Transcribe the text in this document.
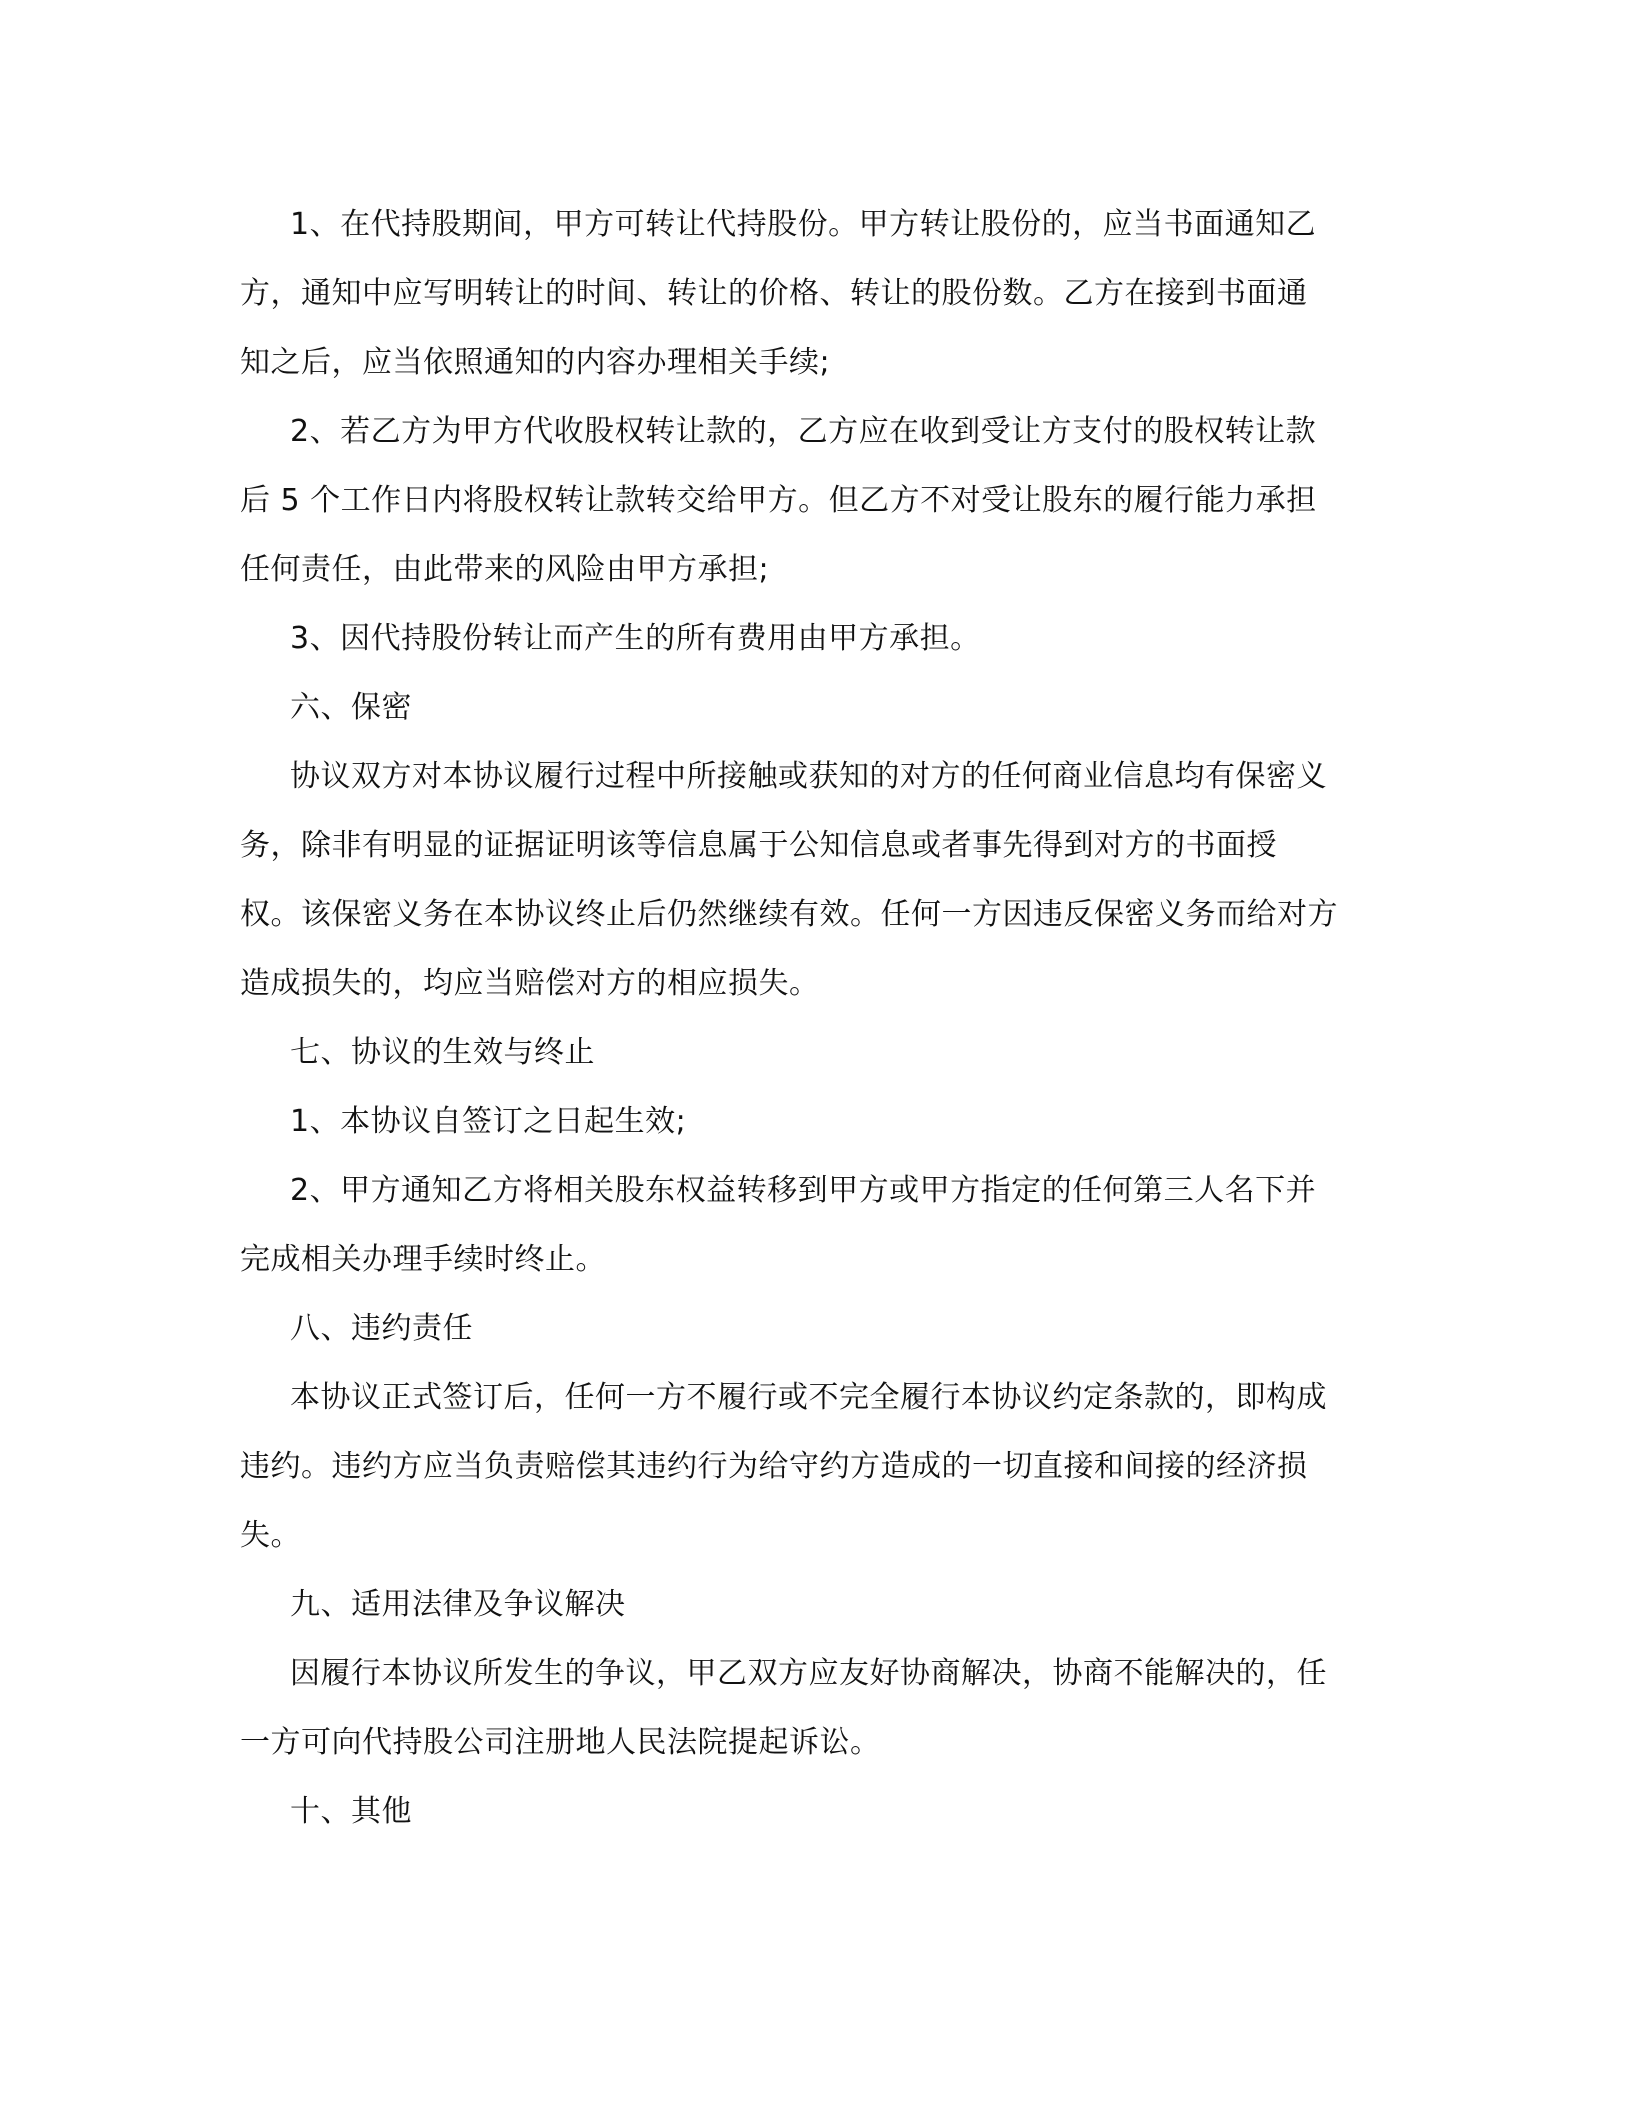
1、在代持股期间，甲方可转让代持股份。甲方转让股份的，应当书面通知乙

方，通知中应写明转让的时间、转让的价格、转让的股份数。乙方在接到书面通

知之后，应当依照通知的内容办理相关手续;

2、若乙方为甲方代收股权转让款的，乙方应在收到受让方支付的股权转让款

后 5 个工作日内将股权转让款转交给甲方。但乙方不对受让股东的履行能力承担

任何责任，由此带来的风险由甲方承担;

3、因代持股份转让而产生的所有费用由甲方承担。

六、保密

协议双方对本协议履行过程中所接触或获知的对方的任何商业信息均有保密义

务，除非有明显的证据证明该等信息属于公知信息或者事先得到对方的书面授

权。该保密义务在本协议终止后仍然继续有效。任何一方因违反保密义务而给对方

造成损失的，均应当赔偿对方的相应损失。

七、协议的生效与终止

1、本协议自签订之日起生效;

2、甲方通知乙方将相关股东权益转移到甲方或甲方指定的任何第三人名下并

完成相关办理手续时终止。

八、违约责任

本协议正式签订后，任何一方不履行或不完全履行本协议约定条款的，即构成

违约。违约方应当负责赔偿其违约行为给守约方造成的一切直接和间接的经济损

失。

九、适用法律及争议解决

因履行本协议所发生的争议，甲乙双方应友好协商解决，协商不能解决的，任

一方可向代持股公司注册地人民法院提起诉讼。

十、其他
